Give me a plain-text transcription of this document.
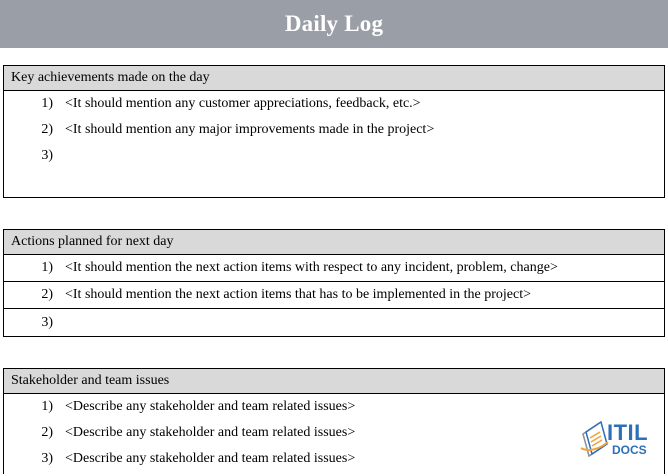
Daily Log
Key achievements made on the day
1) <It should mention any customer appreciations, feedback, etc.>
2) <It should mention any major improvements made in the project>
3)
Actions planned for next day
1) <It should mention the next action items with respect to any incident, problem, change>
2) <It should mention the next action items that has to be implemented in the project>
3)
Stakeholder and team issues
1) <Describe any stakeholder and team related issues>
2) <Describe any stakeholder and team related issues>
3) <Describe any stakeholder and team related issues>
ITIL
DOCS
